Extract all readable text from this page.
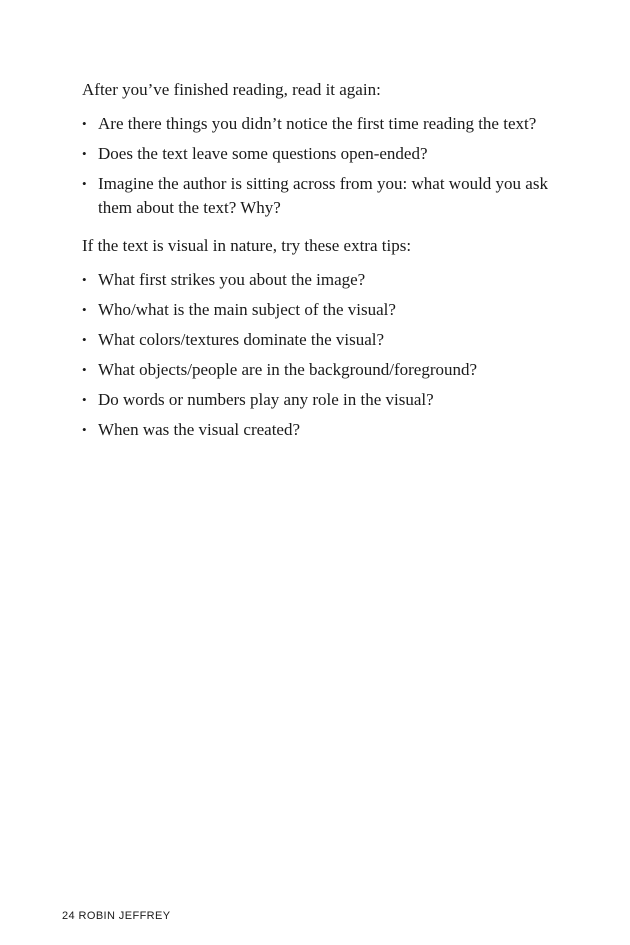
After you’ve finished reading, read it again:

• Are there things you didn’t notice the first time reading the text?
• Does the text leave some questions open-ended?
• Imagine the author is sitting across from you: what would you ask them about the text? Why?

If the text is visual in nature, try these extra tips:

• What first strikes you about the image?
• Who/what is the main subject of the visual?
• What colors/textures dominate the visual?
• What objects/people are in the background/foreground?
• Do words or numbers play any role in the visual?
• When was the visual created?
24 ROBIN JEFFREY
